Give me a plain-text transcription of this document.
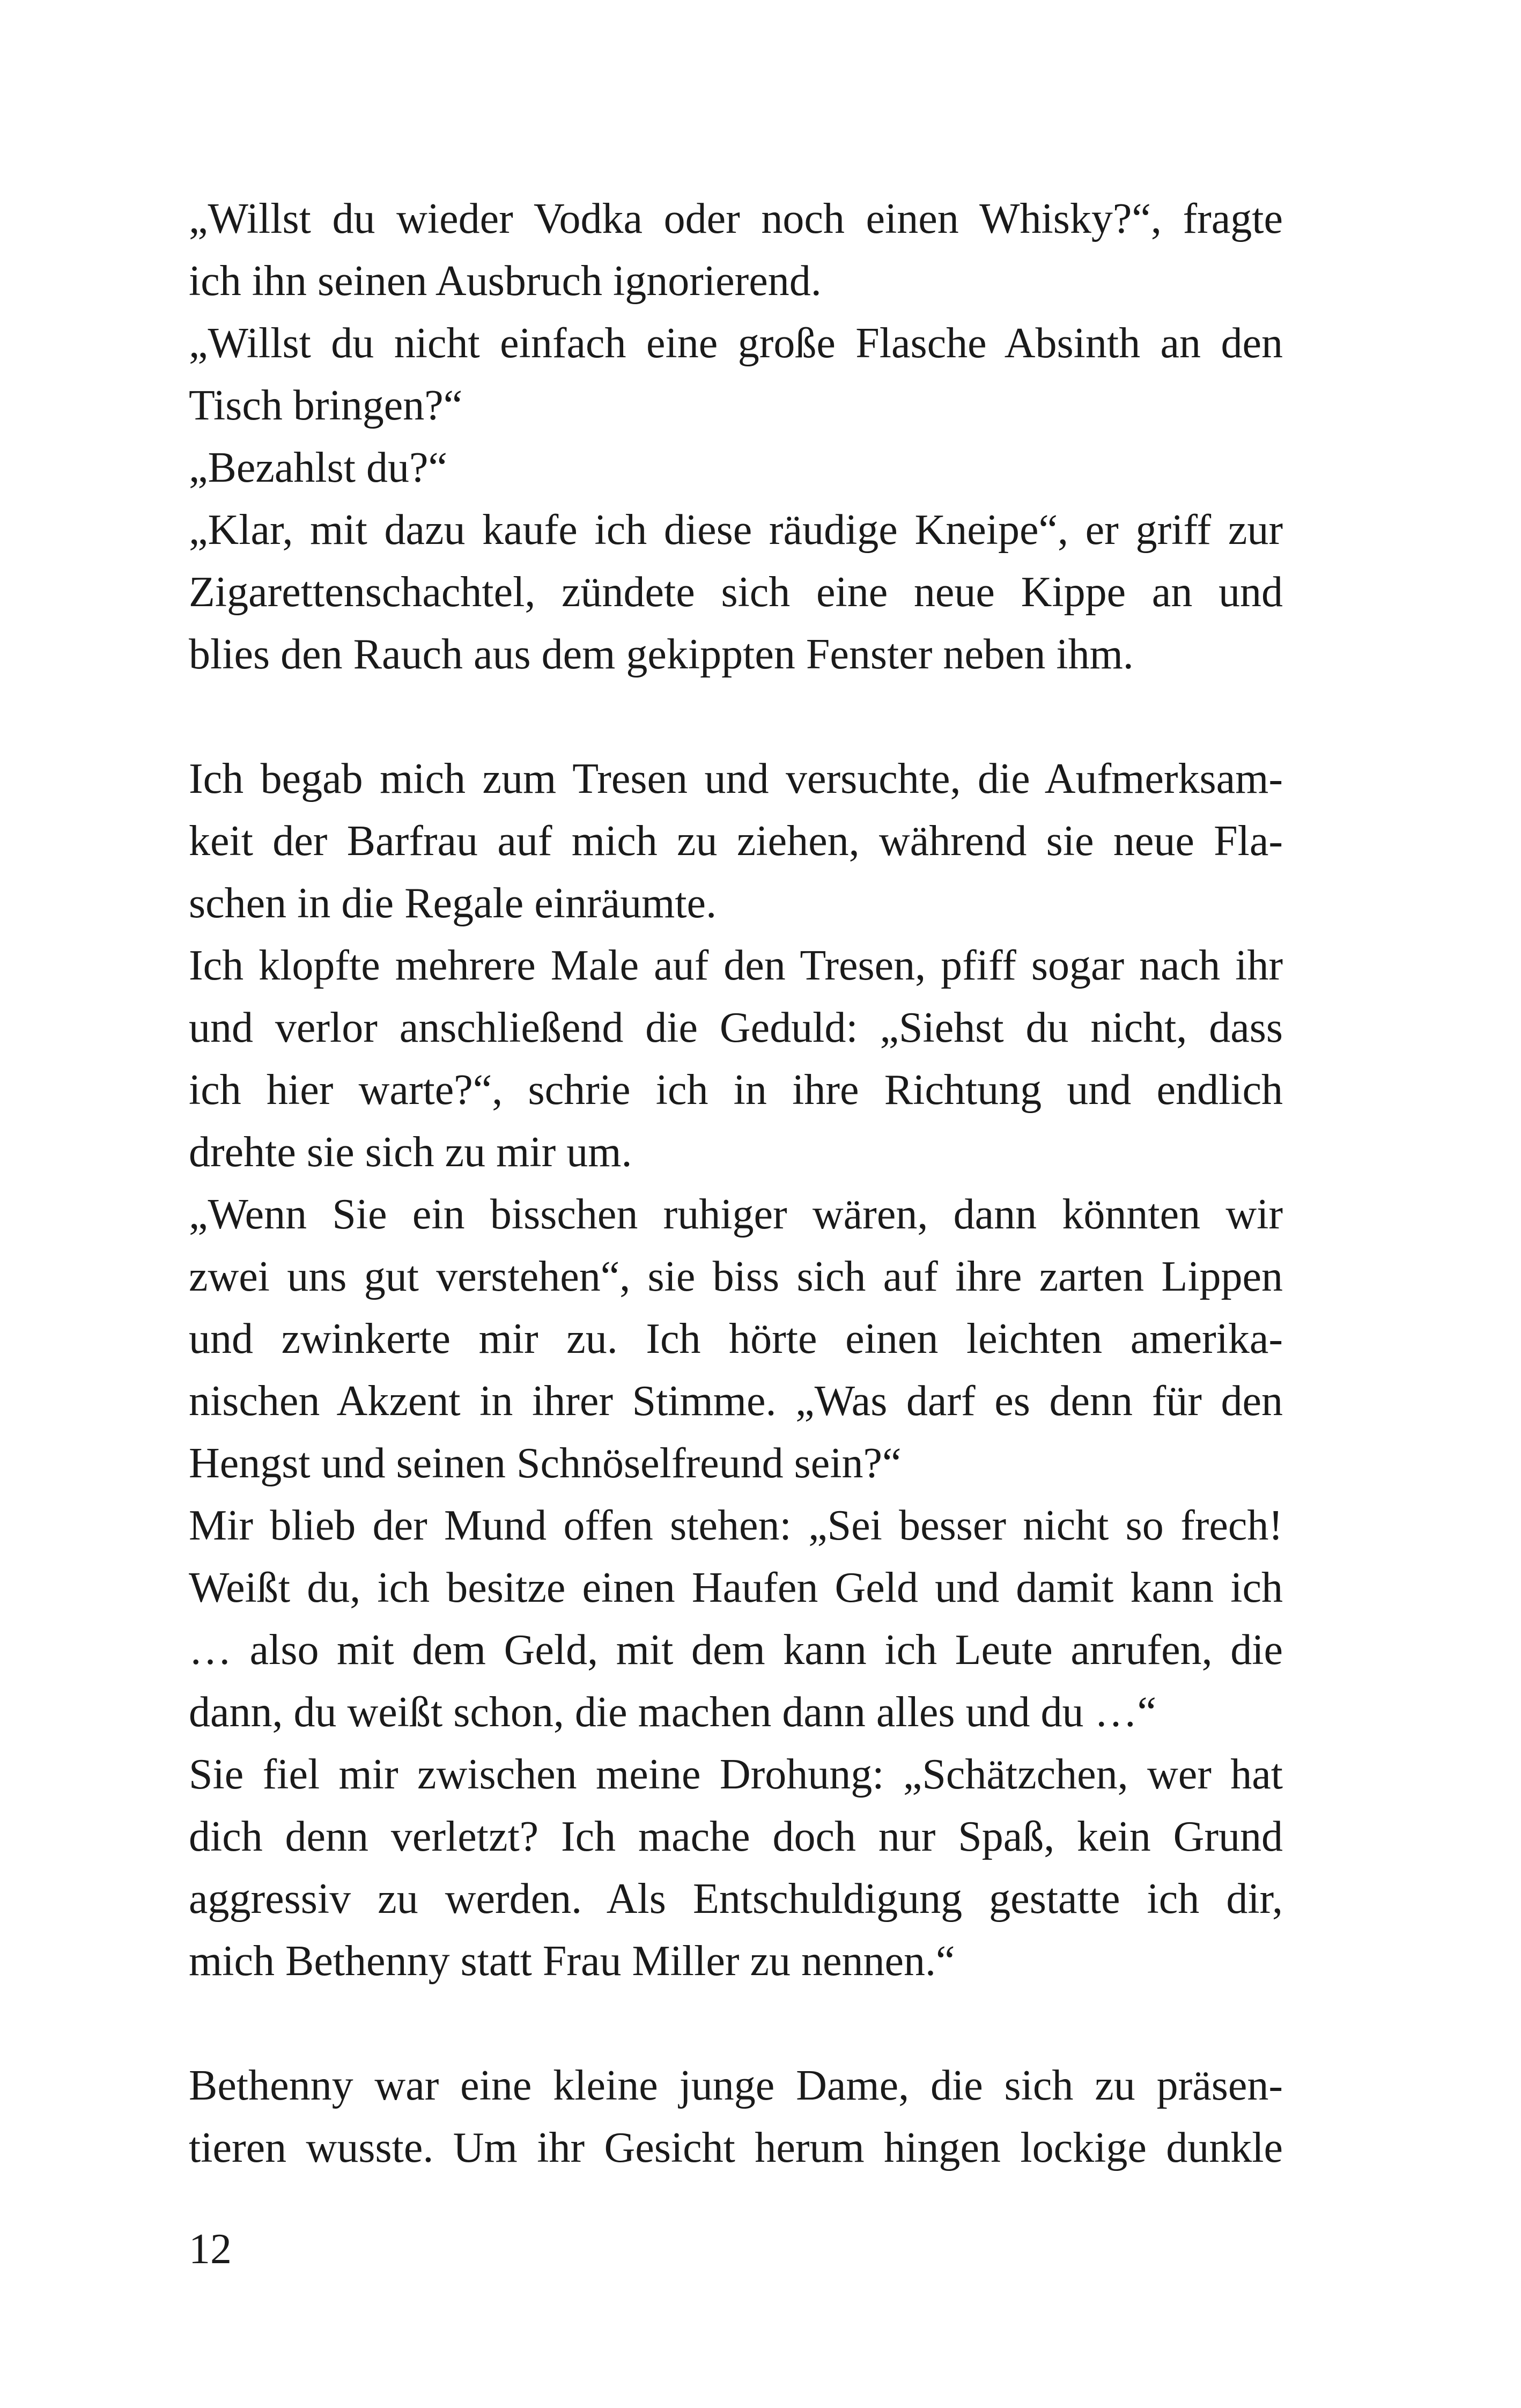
„Willst du wieder Vodka oder noch einen Whisky?“, fragte
ich ihn seinen Ausbruch ignorierend.
„Willst du nicht einfach eine große Flasche Absinth an den
Tisch bringen?“
„Bezahlst du?“
„Klar, mit dazu kaufe ich diese räudige Kneipe“, er griff zur
Zigarettenschachtel, zündete sich eine neue Kippe an und
blies den Rauch aus dem gekippten Fenster neben ihm.
Ich begab mich zum Tresen und versuchte, die Aufmerksam-
keit der Barfrau auf mich zu ziehen, während sie neue Fla-
schen in die Regale einräumte.
Ich klopfte mehrere Male auf den Tresen, pfiff sogar nach ihr
und verlor anschließend die Geduld: „Siehst du nicht, dass
ich hier warte?“, schrie ich in ihre Richtung und endlich
drehte sie sich zu mir um.
„Wenn Sie ein bisschen ruhiger wären, dann könnten wir
zwei uns gut verstehen“, sie biss sich auf ihre zarten Lippen
und zwinkerte mir zu. Ich hörte einen leichten amerika-
nischen Akzent in ihrer Stimme. „Was darf es denn für den
Hengst und seinen Schnöselfreund sein?“
Mir blieb der Mund offen stehen: „Sei besser nicht so frech!
Weißt du, ich besitze einen Haufen Geld und damit kann ich
… also mit dem Geld, mit dem kann ich Leute anrufen, die
dann, du weißt schon, die machen dann alles und du …“
Sie fiel mir zwischen meine Drohung: „Schätzchen, wer hat
dich denn verletzt? Ich mache doch nur Spaß, kein Grund
aggressiv zu werden. Als Entschuldigung gestatte ich dir,
mich Bethenny statt Frau Miller zu nennen.“
Bethenny war eine kleine junge Dame, die sich zu präsen-
tieren wusste. Um ihr Gesicht herum hingen lockige dunkle
12
